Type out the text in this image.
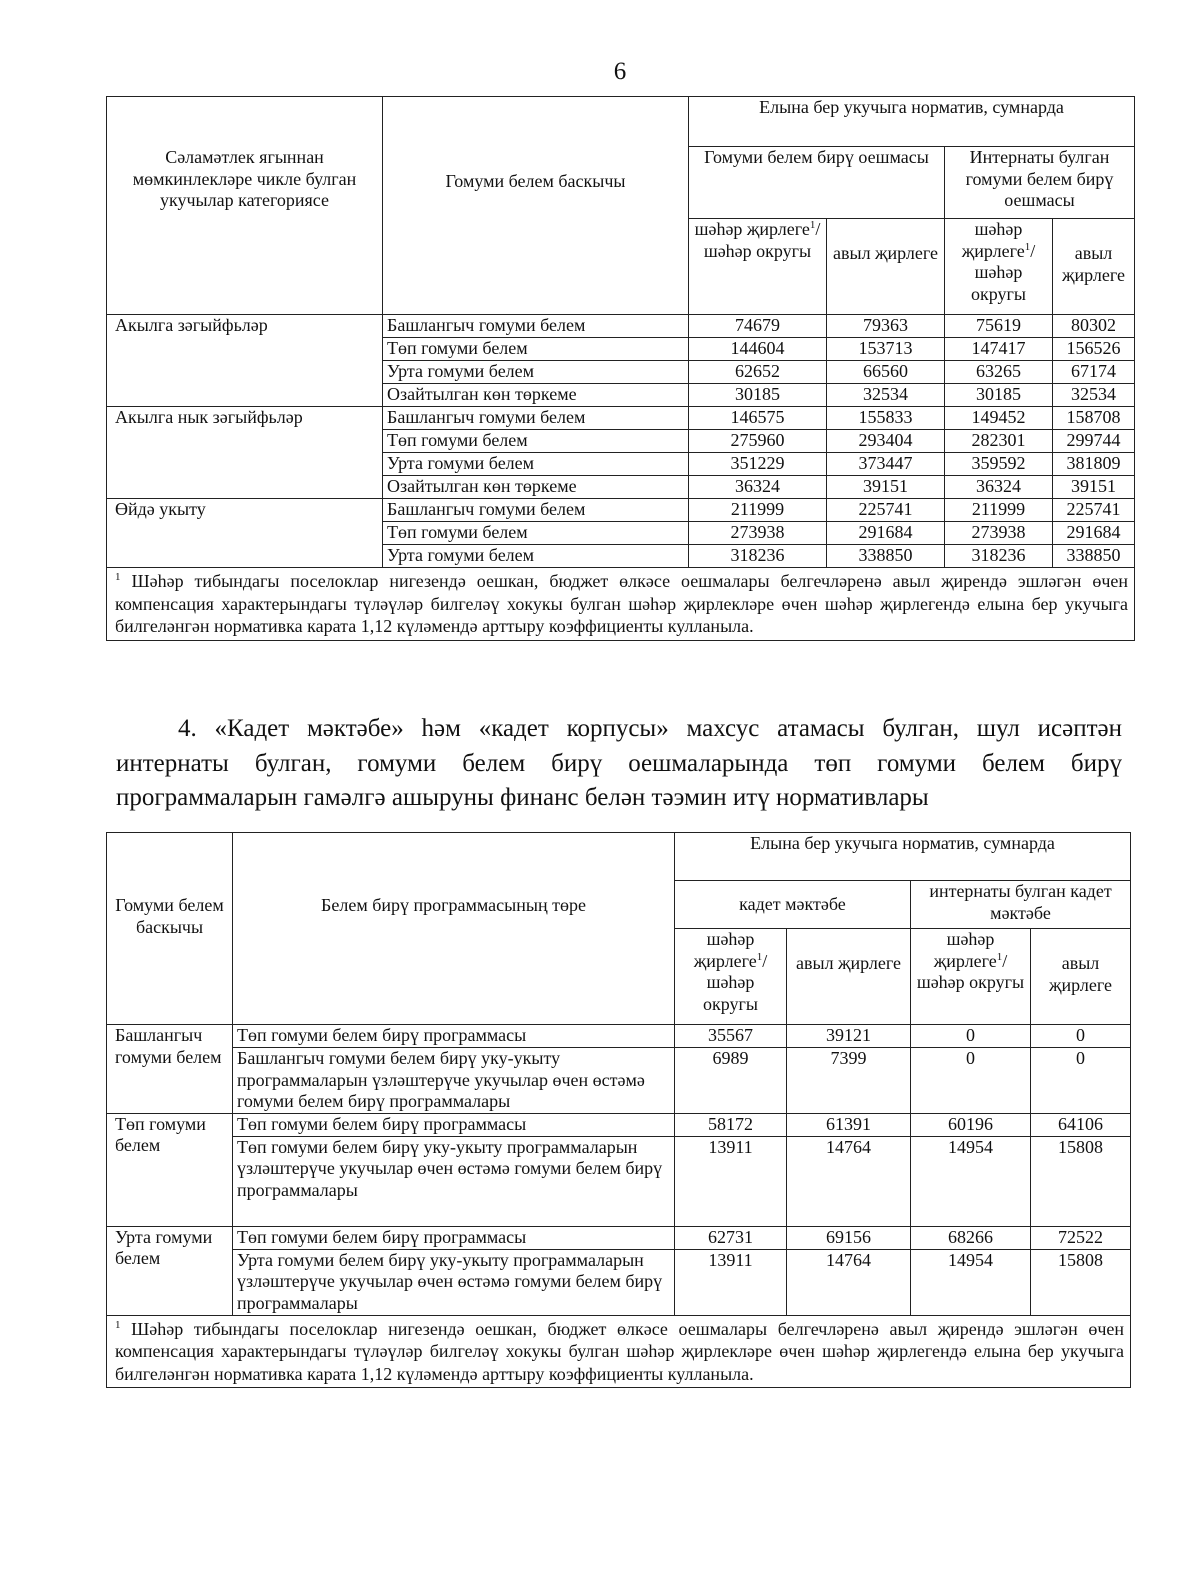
6
Сәламәтлек ягыннан мөмкинлекләре чикле булган укучылар категориясе	Гомуми белем баскычы	Елына бер укучыга норматив, сумнарда			
		Гомуми белем бирү оешмасы		Интернаты булган гомуми белем бирү оешмасы	
		шәһәр җирлеге$^1$/ шәһәр округы	авыл җирлеге	шәһәр җирлеге$^1$/ шәһәр округы	авыл җирлеге
Акылга зәгыйфьләр	Башлангыч гомуми белем	74679	79363	75619	80302
	Төп гомуми белем	144604	153713	147417	156526
	Урта гомуми белем	62652	66560	63265	67174
	Озайтылган көн төркеме	30185	32534	30185	32534
Акылга нык зәгыйфьләр	Башлангыч гомуми белем	146575	155833	149452	158708
	Төп гомуми белем	275960	293404	282301	299744
	Урта гомуми белем	351229	373447	359592	381809
	Озайтылган көн төркеме	36324	39151	36324	39151
Өйдә укыту	Башлангыч гомуми белем	211999	225741	211999	225741
	Төп гомуми белем	273938	291684	273938	291684
	Урта гомуми белем	318236	338850	318236	338850
$^1$ Шәһәр тибындагы поселоклар нигезендә оешкан, бюджет өлкәсе оешмалары белгечләренә авыл җирендә эшләгән өчен компенсация характерындагы түләүләр билгеләү хокукы булган шәһәр җирлекләре өчен шәһәр җирлегендә елына бер укучыга билгеләнгән нормативка карата 1,12 күләмендә арттыру коэффициенты кулланыла.					
4. «Кадет мәктәбе» һәм «кадет корпусы» махсус атамасы булган, шул исәптән интернаты булган, гомуми белем бирү оешмаларында төп гомуми белем бирү программаларын гамәлгә ашыруны финанс белән тәэмин итү нормативлары
Гомуми белем баскычы	Белем бирү программасының төре	Елына бер укучыга норматив, сумнарда			
		кадет мәктәбе		интернаты булган кадет мәктәбе	
		шәһәр җирлеге$^1$/ шәһәр округы	авыл җирлеге	шәһәр җирлеге$^1$/ шәһәр округы	авыл җирлеге
Башлангыч гомуми белем	Төп гомуми белем бирү программасы	35567	39121	0	0
	Башлангыч гомуми белем бирү уку-укыту программаларын үзләштерүче укучылар өчен өстәмә гомуми белем бирү программалары	6989	7399	0	0
Төп гомуми белем	Төп гомуми белем бирү программасы	58172	61391	60196	64106
	Төп гомуми белем бирү уку-укыту программаларын үзләштерүче укучылар өчен өстәмә гомуми белем бирү программалары	13911	14764	14954	15808
Урта гомуми белем	Төп гомуми белем бирү программасы	62731	69156	68266	72522
	Урта гомуми белем бирү уку-укыту программаларын үзләштерүче укучылар өчен өстәмә гомуми белем бирү программалары	13911	14764	14954	15808
$^1$ Шәһәр тибындагы поселоклар нигезендә оешкан, бюджет өлкәсе оешмалары белгечләренә авыл җирендә эшләгән өчен компенсация характерындагы түләүләр билгеләү хокукы булган шәһәр җирлекләре өчен шәһәр җирлегендә елына бер укучыга билгеләнгән нормативка карата 1,12 күләмендә арттыру коэффициенты кулланыла.					
